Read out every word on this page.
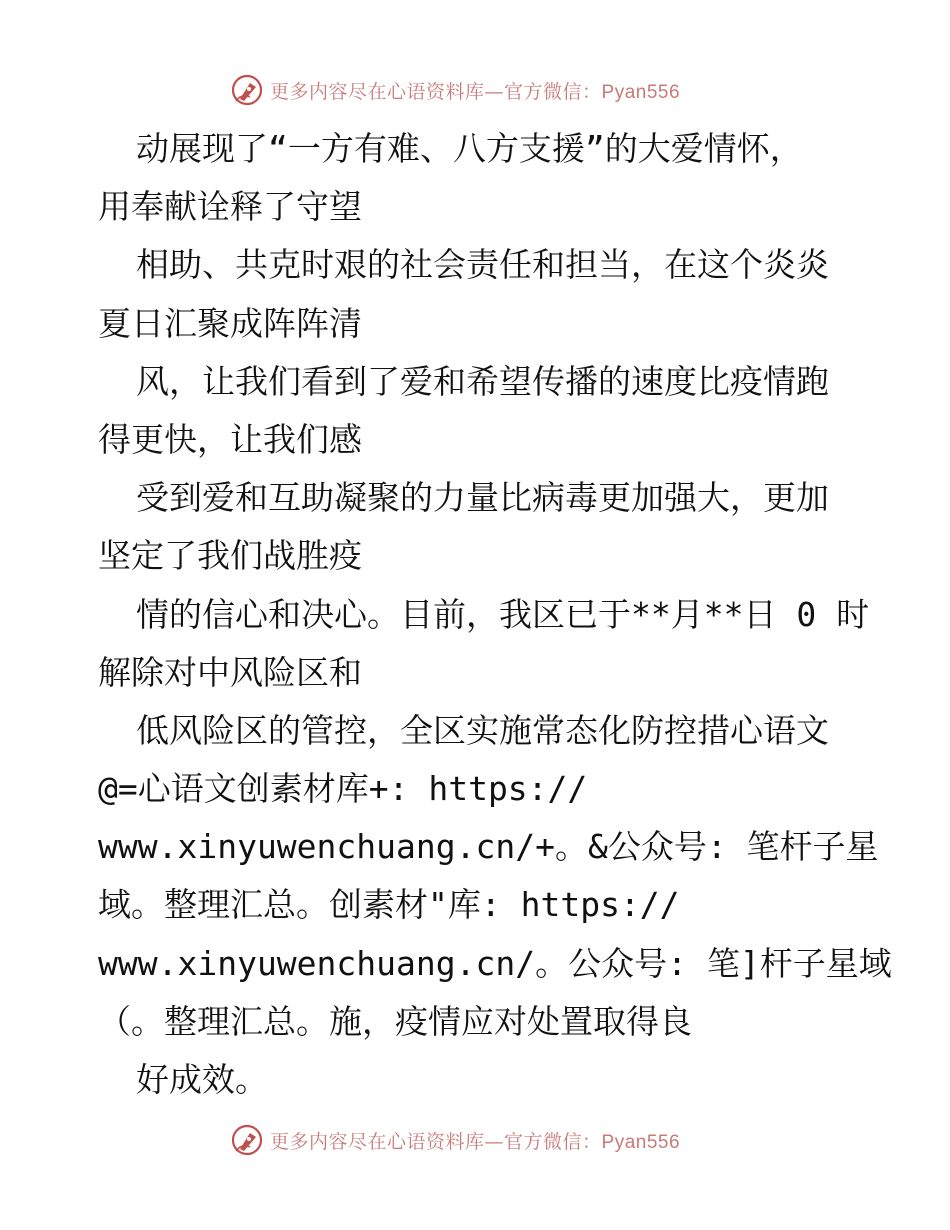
更多内容尽在心语资料库—官方微信：Pyan556
动展现了“一方有难、八方支援”的大爱情怀，
用奉献诠释了守望
相助、共克时艰的社会责任和担当，在这个炎炎
夏日汇聚成阵阵清
风，让我们看到了爱和希望传播的速度比疫情跑
得更快，让我们感
受到爱和互助凝聚的力量比病毒更加强大，更加
坚定了我们战胜疫
情的信心和决心。目前，我区已于**月**日 0 时
解除对中风险区和
低风险区的管控，全区实施常态化防控措心语文
@=心语文创素材库+: https://
www.xinyuwenchuang.cn/+。&公众号: 笔杆子星
域。整理汇总。创素材"库: https://
www.xinyuwenchuang.cn/。公众号: 笔]杆子星域
（。整理汇总。施，疫情应对处置取得良
好成效。
更多内容尽在心语资料库—官方微信：Pyan556
